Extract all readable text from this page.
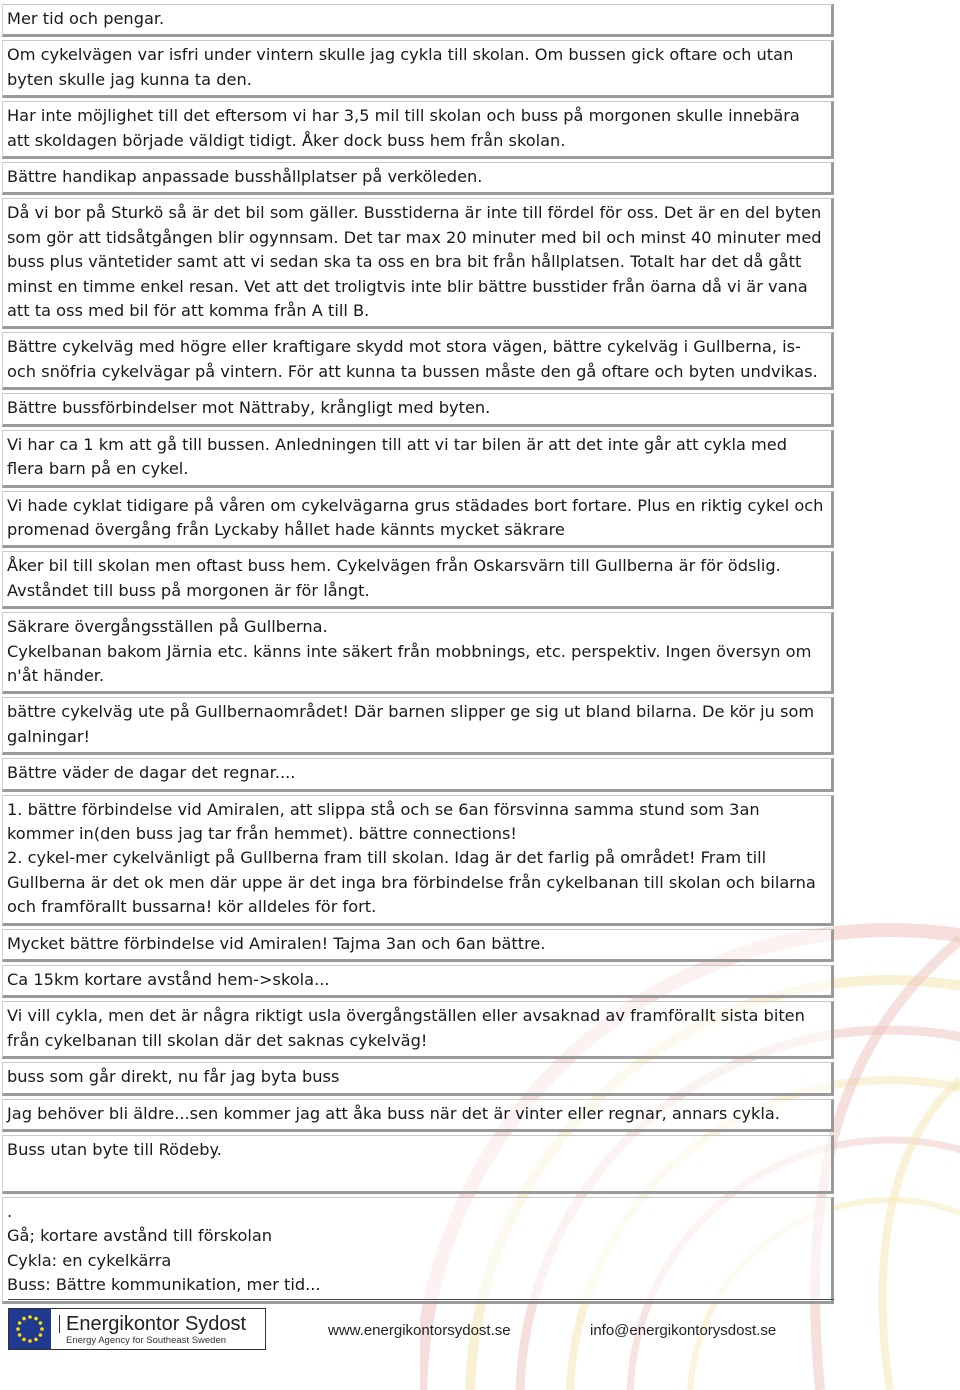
Mer tid och pengar.
Om cykelvägen var isfri under vintern skulle jag cykla till skolan. Om bussen gick oftare och utan byten skulle jag kunna ta den.
Har inte möjlighet till det eftersom vi har 3,5 mil till skolan och buss på morgonen skulle innebära att skoldagen började väldigt tidigt. Åker dock buss hem från skolan.
Bättre handikap anpassade busshållplatser på verköleden.
Då vi bor på Sturkö så är det bil som gäller. Busstiderna är inte till fördel för oss. Det är en del byten som gör att tidsåtgången blir ogynnsam. Det tar max 20 minuter med bil och minst 40 minuter med buss plus väntetider samt att vi sedan ska ta oss en bra bit från hållplatsen. Totalt har det då gått minst en timme enkel resan. Vet att det troligtvis inte blir bättre busstider från öarna då vi är vana att ta oss med bil för att komma från A till B.
Bättre cykelväg med högre eller kraftigare skydd mot stora vägen, bättre cykelväg i Gullberna, is- och snöfria cykelvägar på vintern. För att kunna ta bussen måste den gå oftare och byten undvikas.
Bättre bussförbindelser mot Nättraby, krångligt med byten.
Vi har ca 1 km att gå till bussen. Anledningen till att vi tar bilen är att det inte går att cykla med flera barn på en cykel.
Vi hade cyklat tidigare på våren om cykelvägarna grus städades bort fortare. Plus en riktig cykel och promenad övergång från Lyckaby hållet hade kännts mycket säkrare
Åker bil till skolan men oftast buss hem. Cykelvägen från Oskarsvärn till Gullberna är för ödslig. Avståndet till buss på morgonen är för långt.
Säkrare övergångsställen på Gullberna.
Cykelbanan bakom Järnia etc. känns inte säkert från mobbnings, etc. perspektiv. Ingen översyn om n'åt händer.
bättre cykelväg ute på Gullbernaområdet! Där barnen slipper ge sig ut bland bilarna. De kör ju som galningar!
Bättre väder de dagar det regnar....
1. bättre förbindelse vid Amiralen, att slippa stå och se 6an försvinna samma stund som 3an kommer in(den buss jag tar från hemmet). bättre connections!
2. cykel-mer cykelvänligt på Gullberna fram till skolan. Idag är det farlig på området! Fram till Gullberna är det ok men där uppe är det inga bra förbindelse från cykelbanan till skolan och bilarna och framförallt bussarna! kör alldeles för fort.
Mycket bättre förbindelse vid Amiralen! Tajma 3an och 6an bättre.
Ca 15km kortare avstånd hem->skola...
Vi vill cykla, men det är några riktigt usla övergångställen eller avsaknad av framförallt sista biten från cykelbanan till skolan där det saknas cykelväg!
buss som går direkt, nu får jag byta buss
Jag behöver bli äldre...sen kommer jag att åka buss när det är vinter eller regnar, annars cykla.
Buss utan byte till Rödeby.
.
Gå; kortare avstånd till förskolan
Cykla: en cykelkärra
Buss: Bättre kommunikation, mer tid...
Energikontor Sydost
Energy Agency for Southeast Sweden
www.energikontorsydost.se	info@energikontorysdost.se
